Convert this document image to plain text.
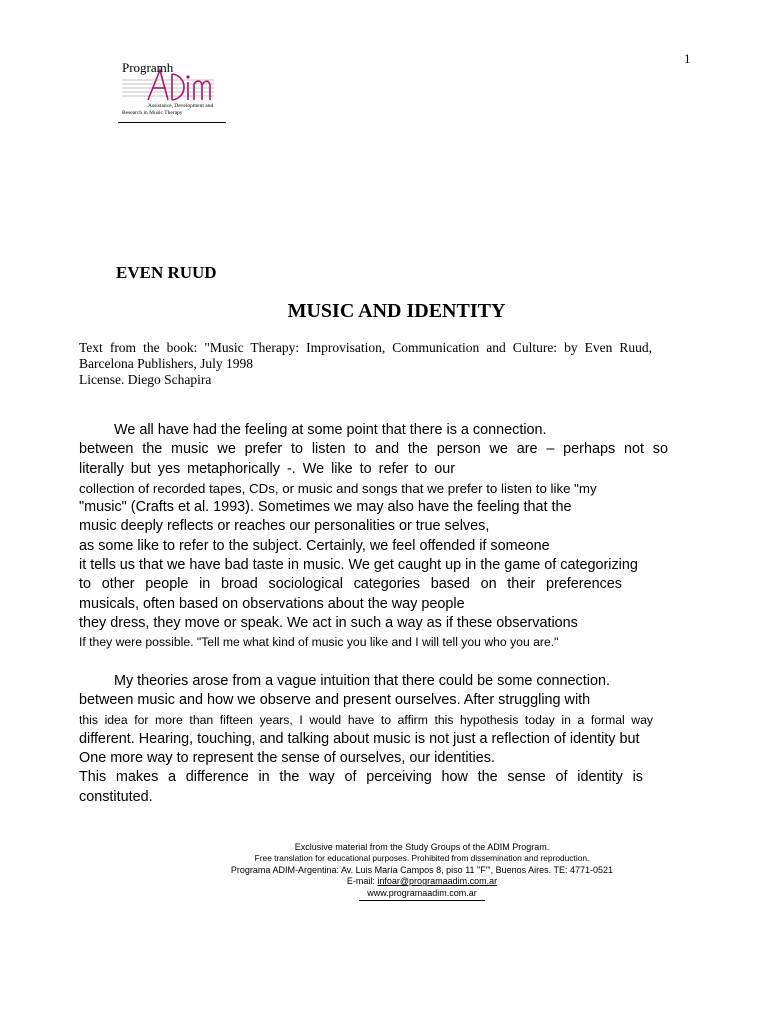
1
Programh
Assistance, Development and
Research in Music Therapy
EVEN RUUD
MUSIC AND IDENTITY
Text from the book: "Music Therapy: Improvisation, Communication and Culture: by Even Ruud,
Barcelona Publishers, July 1998
License. Diego Schapira
We all have had the feeling at some point that there is a connection.
between the music we prefer to listen to and the person we are – perhaps not so
literally but yes metaphorically -. We like to refer to our
collection of recorded tapes, CDs, or music and songs that we prefer to listen to like "my
"music" (Crafts et al. 1993). Sometimes we may also have the feeling that the
music deeply reflects or reaches our personalities or true selves,
as some like to refer to the subject. Certainly, we feel offended if someone
it tells us that we have bad taste in music. We get caught up in the game of categorizing
to other people in broad sociological categories based on their preferences
musicals, often based on observations about the way people
they dress, they move or speak. We act in such a way as if these observations
If they were possible. "Tell me what kind of music you like and I will tell you who you are."
My theories arose from a vague intuition that there could be some connection.
between music and how we observe and present ourselves. After struggling with
this idea for more than fifteen years, I would have to affirm this hypothesis today in a formal way
different. Hearing, touching, and talking about music is not just a reflection of identity but
One more way to represent the sense of ourselves, our identities.
This makes a difference in the way of perceiving how the sense of identity is
constituted.
Exclusive material from the Study Groups of the ADIM Program.
Free translation for educational purposes. Prohibited from dissemination and reproduction.
Programa ADIM-Argentina: Av. Luis María Campos 8, piso 11 "F"', Buenos Aires. TE: 4771-0521
E-mail: infoar@programaadim.com.ar
www.programaadim.com.ar
